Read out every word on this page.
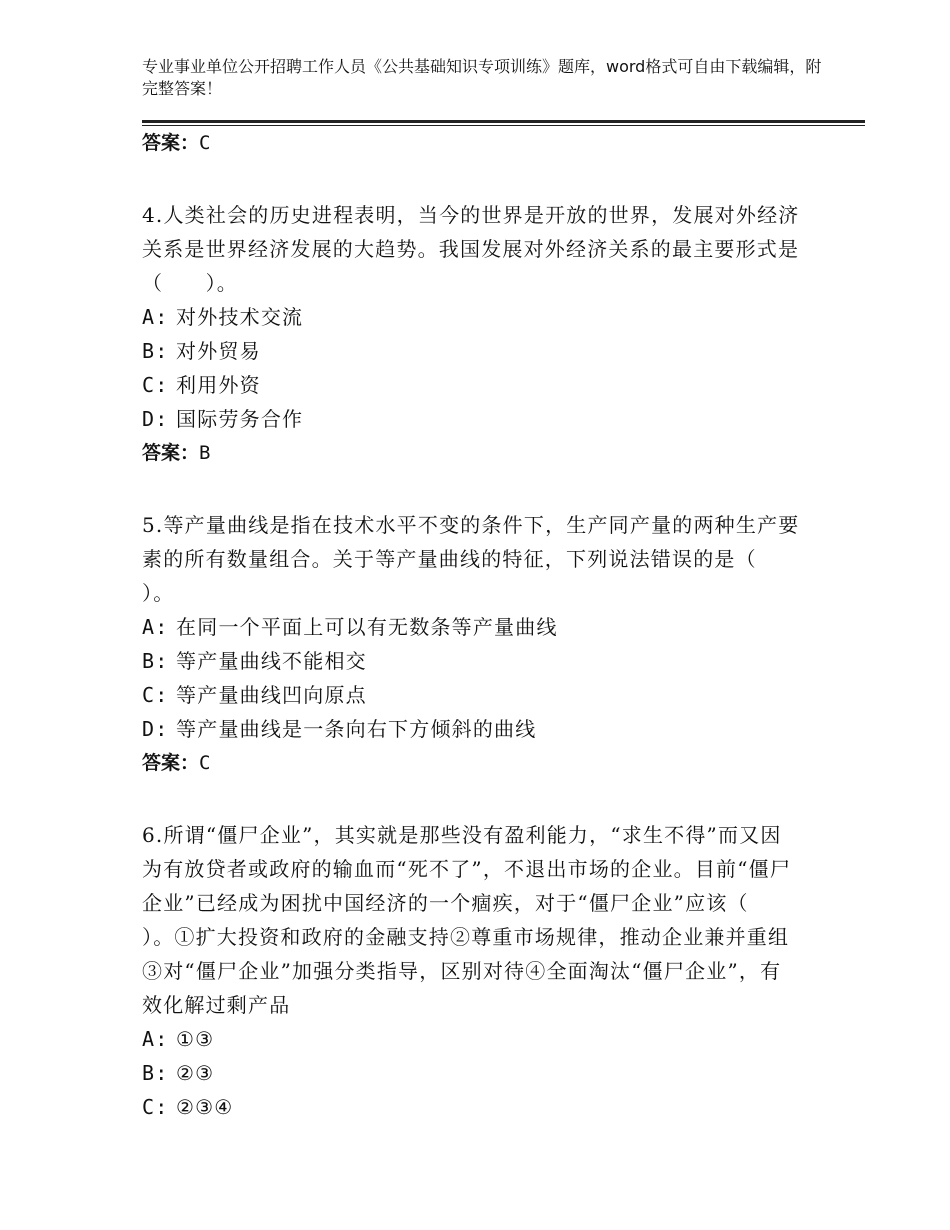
专业事业单位公开招聘工作人员《公共基础知识专项训练》题库，word格式可自由下载编辑，附完整答案！
答案：C

4.人类社会的历史进程表明，当今的世界是开放的世界，发展对外经济关系是世界经济发展的大趋势。我国发展对外经济关系的最主要形式是（　　）。

A: 对外技术交流
B: 对外贸易
C: 利用外资
D: 国际劳务合作
答案：B

5.等产量曲线是指在技术水平不变的条件下，生产同产量的两种生产要素的所有数量组合。关于等产量曲线的特征，下列说法错误的是（　　）。

A: 在同一个平面上可以有无数条等产量曲线
B: 等产量曲线不能相交
C: 等产量曲线凹向原点
D: 等产量曲线是一条向右下方倾斜的曲线
答案：C

6.所谓“僵尸企业”，其实就是那些没有盈利能力，“求生不得”而又因为有放贷者或政府的输血而“死不了”，不退出市场的企业。目前“僵尸企业”已经成为困扰中国经济的一个痼疾，对于“僵尸企业”应该（　　）。①扩大投资和政府的金融支持②尊重市场规律，推动企业兼并重组③对“僵尸企业”加强分类指导，区别对待④全面淘汰“僵尸企业”，有效化解过剩产品

A: ①③
B: ②③
C: ②③④
